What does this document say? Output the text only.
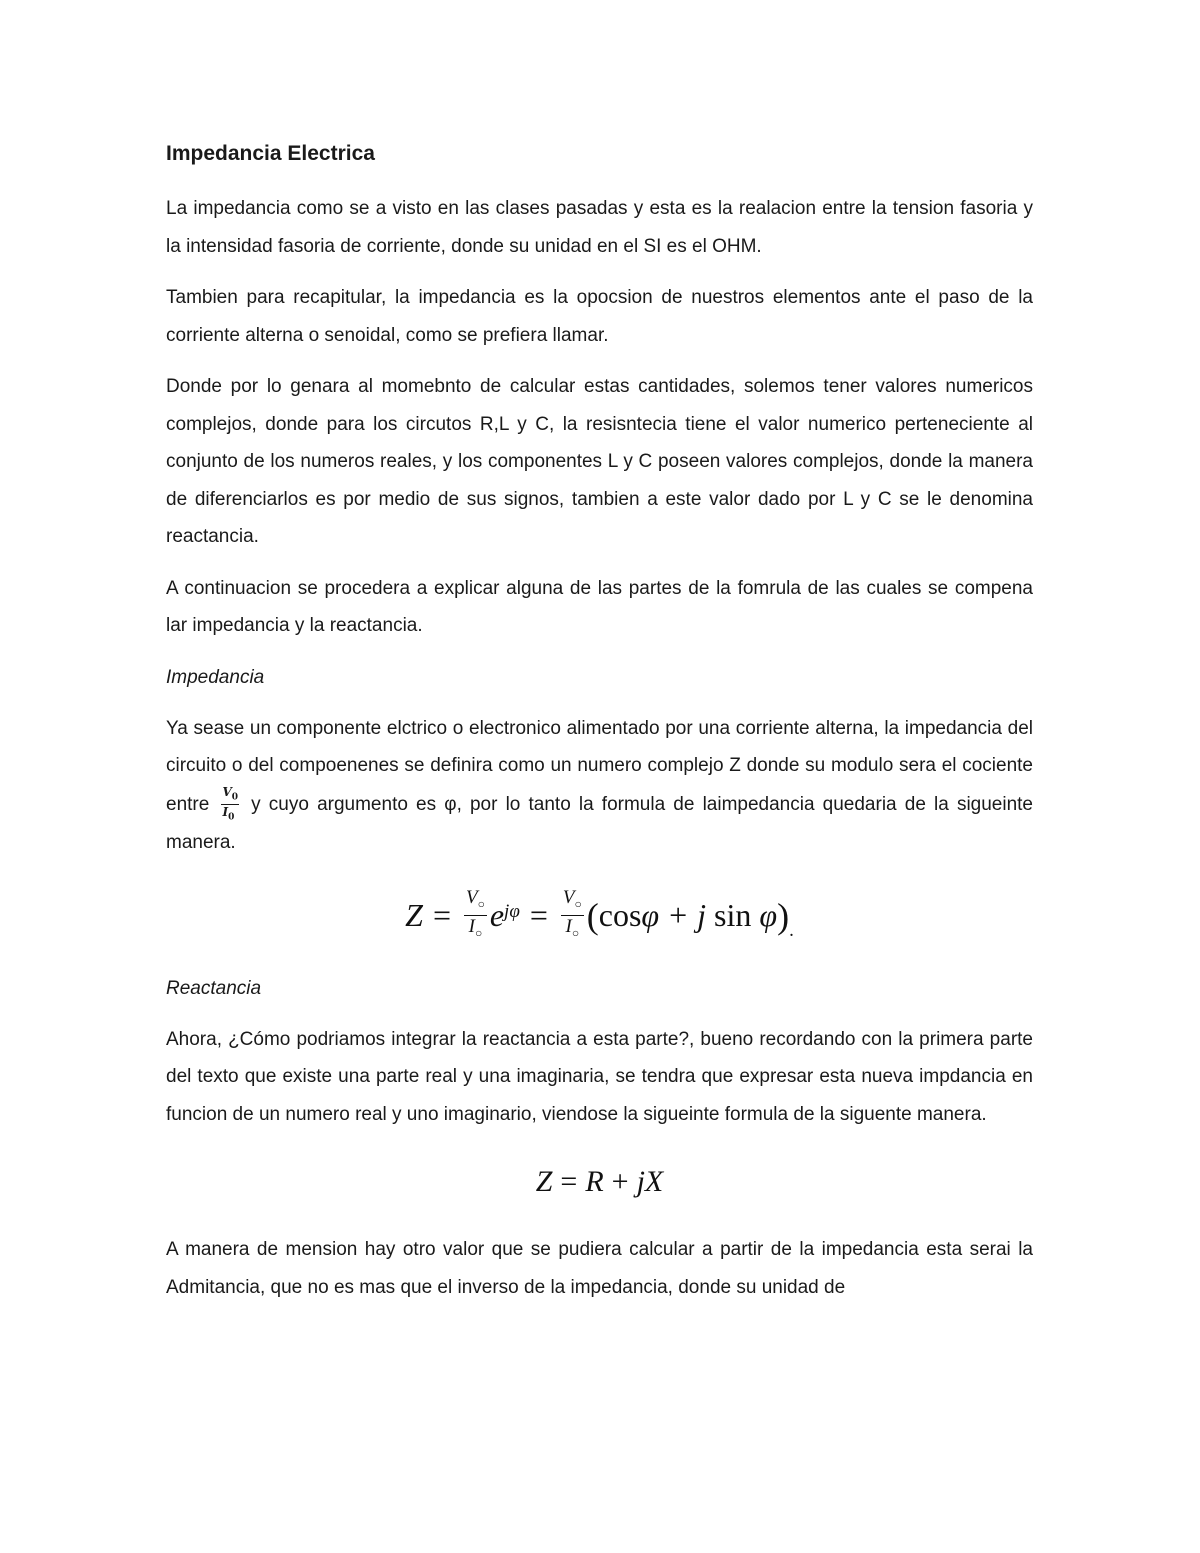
Impedancia Electrica

La impedancia como se a visto en las clases pasadas y esta es la realacion entre la tension fasoria y la intensidad fasoria de corriente, donde su unidad en el SI es el OHM.

Tambien para recapitular, la impedancia es la opocsion de nuestros elementos ante el paso de la corriente alterna o senoidal, como se prefiera llamar.

Donde por lo genara al momebnto de calcular estas cantidades, solemos tener valores numericos complejos, donde para los circutos R,L y C, la resisntecia tiene el valor numerico perteneciente al conjunto de los numeros reales, y los componentes L y C poseen valores complejos, donde la manera de diferenciarlos es por medio de sus signos, tambien a este valor dado por L y C se le denomina reactancia.

A continuacion se procedera a explicar alguna de las partes de la fomrula de las cuales se compena lar impedancia y la reactancia.

Impedancia

Ya sease un componente elctrico o electronico alimentado por una corriente alterna, la impedancia del circuito o del compoenenes se definira como un numero complejo Z donde su modulo sera el cociente entre $\frac{V_0}{I_0}$ y cuyo argumento es φ, por lo tanto la formula de laimpedancia quedaria de la sigueinte manera.

$Z = \frac{V_○}{I_○} e^{j\varphi} = \frac{V_○}{I_○}$ ( cos φ + j
sin
φ ) .
Reactancia

Ahora, ¿Cómo podriamos integrar la reactancia a esta parte?, bueno recordando con la primera parte del texto que existe una parte real y una imaginaria, se tendra que expresar esta nueva impdancia en funcion de un numero real y uno imaginario, viendose la sigueinte formula de la siguente manera.

Z = R + jX

A manera de mension hay otro valor que se pudiera calcular a partir de la impedancia esta serai la Admitancia, que no es mas que el inverso de la impedancia, donde su unidad de
